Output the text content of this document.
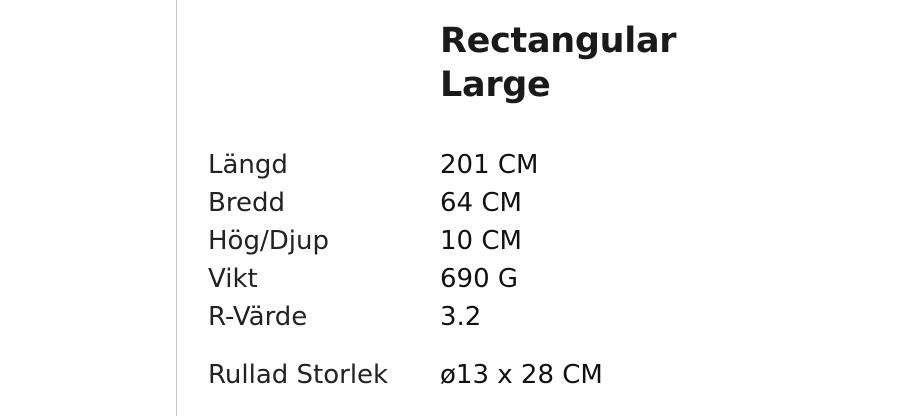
Rectangular
Large
Längd	201 CM
Bredd	64 CM
Hög/Djup	10 CM
Vikt	690 G
R-Värde	3.2

Rullad Storlek	ø13 x 28 CM
